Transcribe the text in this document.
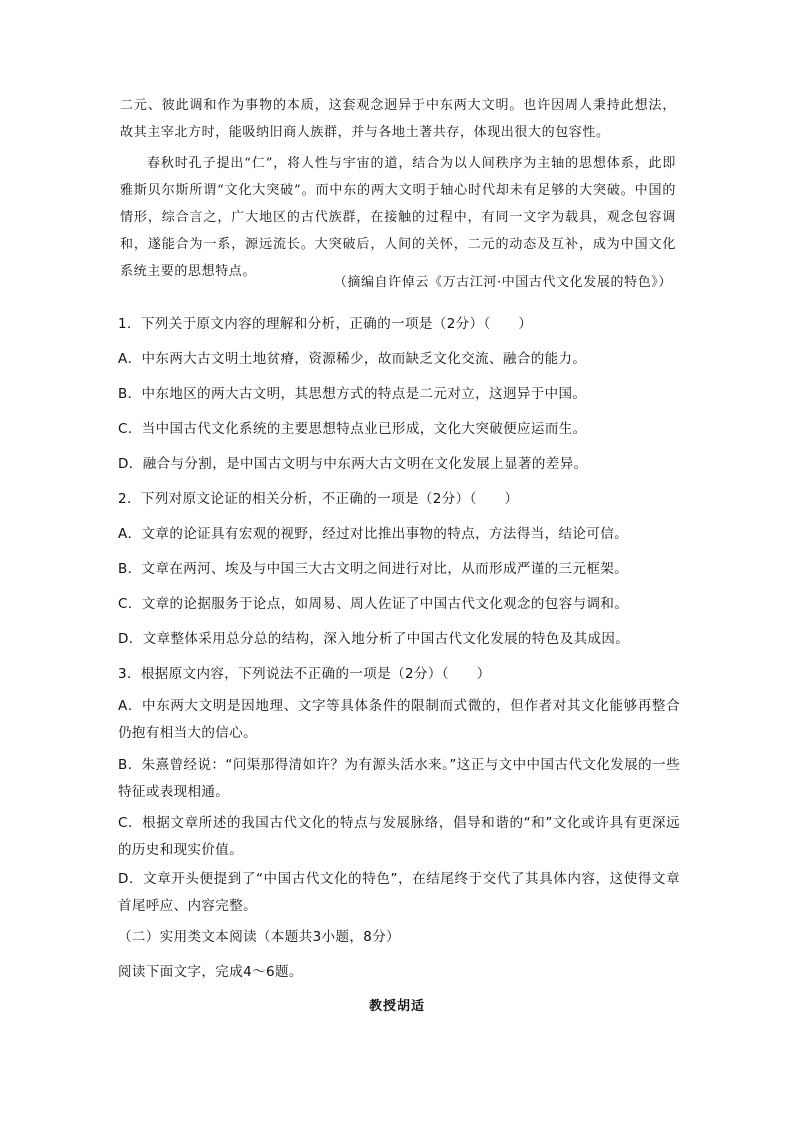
二元、彼此调和作为事物的本质，这套观念迥异于中东两大文明。也许因周人秉持此想法，故其主宰北方时，能吸纳旧商人族群，并与各地土著共存，体现出很大的包容性。

春秋时孔子提出“仁”，将人性与宇宙的道，结合为以人间秩序为主轴的思想体系，此即雅斯贝尔斯所谓“文化大突破”。而中东的两大文明于轴心时代却未有足够的大突破。中国的情形，综合言之，广大地区的古代族群，在接触的过程中，有同一文字为载具，观念包容调和，遂能合为一系，源远流长。大突破后，人间的关怀，二元的动态及互补，成为中国文化系统主要的思想特点。

（摘编自许倬云《万古江河·中国古代文化发展的特色》）
1．下列关于原文内容的理解和分析，正确的一项是（2分）（　　）
A．中东两大古文明土地贫瘠，资源稀少，故而缺乏文化交流、融合的能力。
B．中东地区的两大古文明，其思想方式的特点是二元对立，这迥异于中国。
C．当中国古代文化系统的主要思想特点业已形成，文化大突破便应运而生。
D．融合与分割，是中国古文明与中东两大古文明在文化发展上显著的差异。
2．下列对原文论证的相关分析，不正确的一项是（2分）（　　）
A．文章的论证具有宏观的视野，经过对比推出事物的特点，方法得当，结论可信。
B．文章在两河、埃及与中国三大古文明之间进行对比，从而形成严谨的三元框架。
C．文章的论据服务于论点，如周易、周人佐证了中国古代文化观念的包容与调和。
D．文章整体采用总分总的结构，深入地分析了中国古代文化发展的特色及其成因。
3．根据原文内容，下列说法不正确的一项是（2分）（　　）

A．中东两大文明是因地理、文字等具体条件的限制而式微的，但作者对其文化能够再整合仍抱有相当大的信心。

B．朱熹曾经说：“问渠那得清如许？为有源头活水来。”这正与文中中国古代文化发展的一些特征或表现相通。

C．根据文章所述的我国古代文化的特点与发展脉络，倡导和谐的“和”文化或许具有更深远的历史和现实价值。

D．文章开头便提到了“中国古代文化的特色”，在结尾终于交代了其具体内容，这使得文章首尾呼应、内容完整。

（二）实用类文本阅读（本题共3小题，8分）
阅读下面文字，完成4～6题。
教授胡适
